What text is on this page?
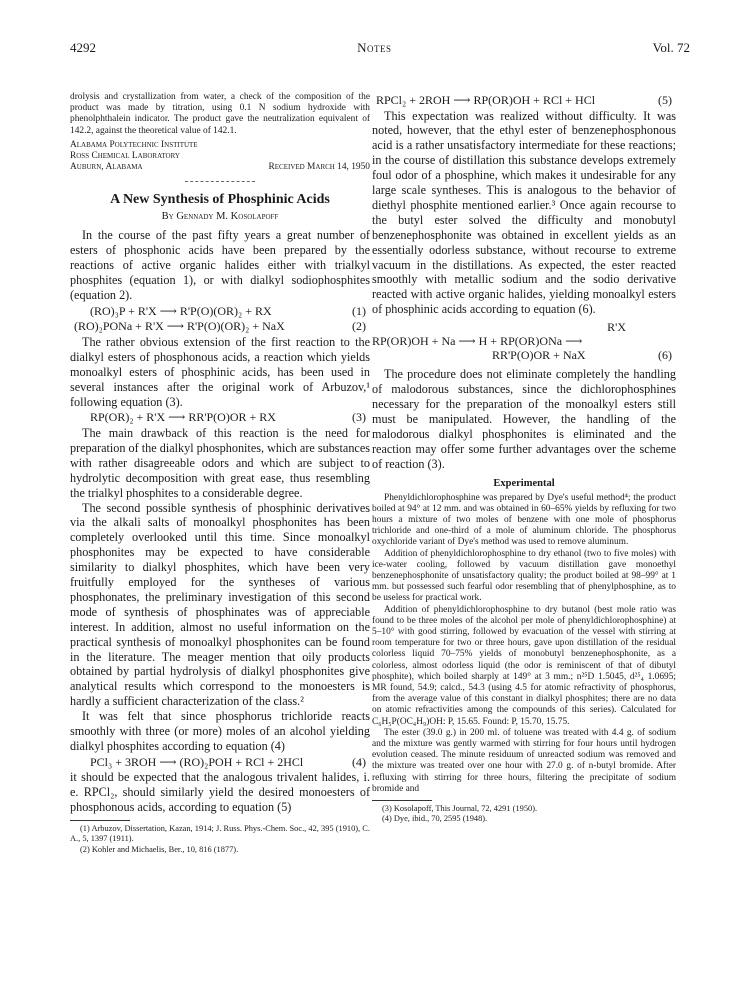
4292	Notes	Vol. 72

drolysis and crystallization from water, a check of the composition of the product was made by titration, using 0.1 N sodium hydroxide with phenolphthalein indicator. The product gave the neutralization equivalent of 142.2, against the theoretical value of 142.1.

Alabama Polytechnic Institute
Ross Chemical Laboratory
Auburn, Alabama	Received March 14, 1950
A New Synthesis of Phosphinic Acids
By Gennady M. Kosolapoff

In the course of the past fifty years a great number of esters of phosphonic acids have been prepared by the reactions of active organic halides either with trialkyl phosphites (equation 1), or with dialkyl sodiophosphites (equation 2).

(RO)₃P + R'X ⟶ R'P(O)(OR)₂ + RX	(1)
(RO)₂PONa + R'X ⟶ R'P(O)(OR)₂ + NaX	(2)

The rather obvious extension of the first reaction to the dialkyl esters of phosphonous acids, a reaction which yields monoalkyl esters of phosphinic acids, has been used in several instances after the original work of Arbuzov,¹ following equation (3).

RP(OR)₂ + R'X ⟶ RR'P(O)OR + RX	(3)

The main drawback of this reaction is the need for preparation of the dialkyl phosphonites, which are substances with rather disagreeable odors and which are subject to hydrolytic decomposition with great ease, thus resembling the trialkyl phosphites to a considerable degree.

The second possible synthesis of phosphinic derivatives via the alkali salts of monoalkyl phosphonites has been completely overlooked until this time. Since monoalkyl phosphonites may be expected to have considerable similarity to dialkyl phosphites, which have been very fruitfully employed for the syntheses of various phosphonates, the preliminary investigation of this second mode of synthesis of phosphinates was of appreciable interest. In addition, almost no useful information on the practical synthesis of monoalkyl phosphonites can be found in the literature. The meager mention that oily products obtained by partial hydrolysis of dialkyl phosphonites give analytical results which correspond to the monoesters is hardly a sufficient characterization of the class.²

It was felt that since phosphorus trichloride reacts smoothly with three (or more) moles of an alcohol yielding dialkyl phosphites according to equation (4)

PCl₃ + 3ROH ⟶ (RO)₂POH + RCl + 2HCl	(4)

it should be expected that the analogous trivalent halides, i. e. RPCl₂, should similarly yield the desired monoesters of phosphonous acids, according to equation (5)

(1) Arbuzov, Dissertation, Kazan, 1914; J. Russ. Phys.-Chem. Soc., 42, 395 (1910), C. A., 5, 1397 (1911).

(2) Kohler and Michaelis, Ber., 10, 816 (1877).

RPCl₂ + 2ROH ⟶ RP(OR)OH + RCl + HCl	(5)

This expectation was realized without difficulty. It was noted, however, that the ethyl ester of benzenephosphonous acid is a rather unsatisfactory intermediate for these reactions; in the course of distillation this substance develops extremely foul odor of a phosphine, which makes it undesirable for any large scale syntheses. This is analogous to the behavior of diethyl phosphite mentioned earlier.³ Once again recourse to the butyl ester solved the difficulty and monobutyl benzenephosphonite was obtained in excellent yields as an essentially odorless substance, without recourse to extreme vacuum in the distillations. As expected, the ester reacted smoothly with metallic sodium and the sodio derivative reacted with active organic halides, yielding monoalkyl esters of phosphinic acids according to equation (6).

R'X
RP(OR)OH + Na ⟶ H + RP(OR)ONa ⟶
RR'P(O)OR + NaX	(6)

The procedure does not eliminate completely the handling of malodorous substances, since the dichlorophosphines necessary for the preparation of the monoalkyl esters still must be manipulated. However, the handling of the malodorous dialkyl phosphonites is eliminated and the reaction may offer some further advantages over the scheme of reaction (3).

Experimental

Phenyldichlorophosphine was prepared by Dye's useful method⁴; the product boiled at 94° at 12 mm. and was obtained in 60–65% yields by refluxing for two hours a mixture of two moles of benzene with one mole of phosphorus trichloride and one-third of a mole of aluminum chloride. The phosphorus oxychloride variant of Dye's method was used to remove aluminum.

Addition of phenyldichlorophosphine to dry ethanol (two to five moles) with ice-water cooling, followed by vacuum distillation gave monoethyl benzenephosphonite of unsatisfactory quality; the product boiled at 98–99° at 1 mm. but possessed such fearful odor resembling that of phenylphosphine, as to be useless for practical work.

Addition of phenyldichlorophosphine to dry butanol (best mole ratio was found to be three moles of the alcohol per mole of phenyldichlorophosphine) at 5–10° with good stirring, followed by evacuation of the vessel with stirring at room temperature for two or three hours, gave upon distillation of the residual colorless liquid 70–75% yields of monobutyl benzenephosphonite, as a colorless, almost odorless liquid (the odor is reminiscent of that of dibutyl phosphite), which boiled sharply at 149° at 3 mm.; n²⁵D 1.5045, d²⁵₄ 1.0695; MR found, 54.9; calcd., 54.3 (using 4.5 for atomic refractivity of phosphorus, from the average value of this constant in dialkyl phosphites; there are no data on atomic refractivities among the compounds of this series). Calculated for C₆H₅P(OC₄H₉)OH: P, 15.65. Found: P, 15.70, 15.75.

The ester (39.0 g.) in 200 ml. of toluene was treated with 4.4 g. of sodium and the mixture was gently warmed with stirring for four hours until hydrogen evolution ceased. The minute residuum of unreacted sodium was removed and the mixture was treated over one hour with 27.0 g. of n-butyl bromide. After refluxing with stirring for three hours, filtering the precipitate of sodium bromide and

(3) Kosolapoff, This Journal, 72, 4291 (1950).

(4) Dye, ibid., 70, 2595 (1948).
